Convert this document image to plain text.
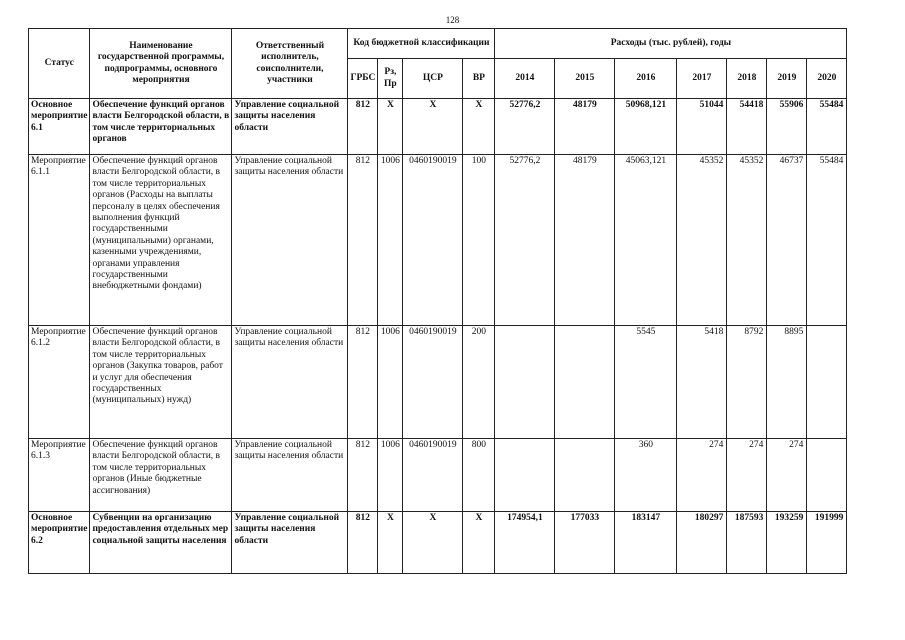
128
Статус	Наименование государственной программы, подпрограммы, основного мероприятия	Ответственный исполнитель, соисполнители, участники	Код бюджетной классификации				Расходы (тыс. рублей), годы						
			ГРБС	Рз, Пр	ЦСР	ВР	2014	2015	2016	2017	2018	2019	2020
Основное мероприятие 6.1	Обеспечение функций органов власти Белгородской области, в том числе территориальных органов	Управление социальной защиты населения области	812	Х	Х	Х	52776,2	48179	50968,121	51044	54418	55906	55484
Мероприятие 6.1.1	Обеспечение функций органов власти Белгородской области, в том числе территориальных органов (Расходы на выплаты персоналу в целях обеспечения выполнения функций государственными (муниципальными) органами, казенными учреждениями, органами управления государственными внебюджетными фондами)	Управление социальной защиты населения области	812	1006	0460190019	100	52776,2	48179	45063,121	45352	45352	46737	55484
Мероприятие 6.1.2	Обеспечение функций органов власти Белгородской области, в том числе территориальных органов (Закупка товаров, работ и услуг для обеспечения государственных (муниципальных) нужд)	Управление социальной защиты населения области	812	1006	0460190019	200			5545	5418	8792	8895	
Мероприятие 6.1.3	Обеспечение функций органов власти Белгородской области, в том числе территориальных органов (Иные бюджетные ассигнования)	Управление социальной защиты населения области	812	1006	0460190019	800			360	274	274	274	
Основное мероприятие 6.2	Субвенции на организацию предоставления отдельных мер социальной защиты населения	Управление социальной защиты населения области	812	Х	Х	Х	174954,1	177033	183147	180297	187593	193259	191999
